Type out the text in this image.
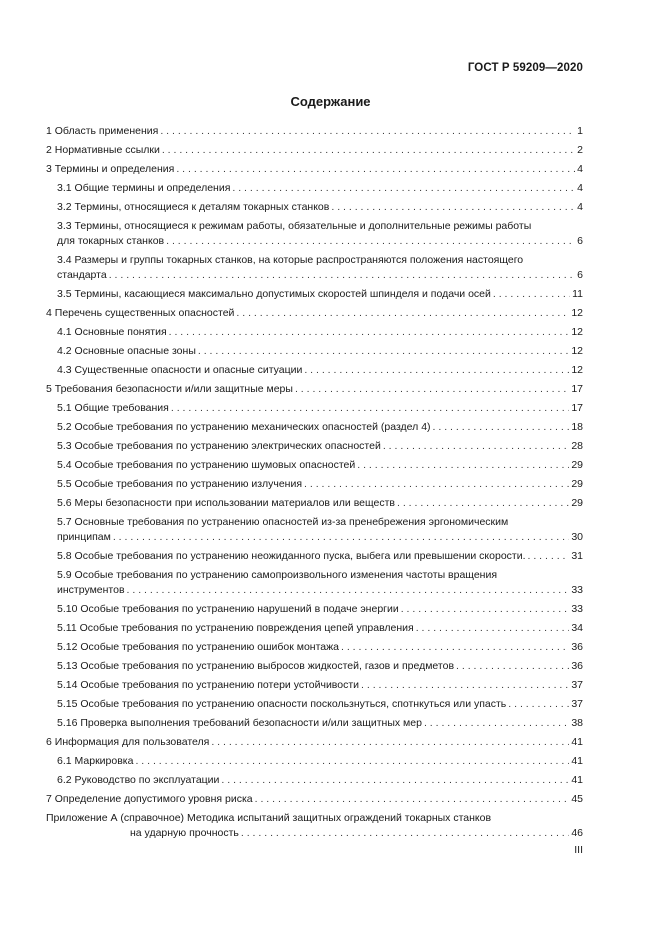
ГОСТ Р 59209—2020
Содержание
1 Область применения . . .	1
2 Нормативные ссылки . . .	2
3 Термины и определения . . .	4
3.1 Общие термины и определения . . .	4
3.2 Термины, относящиеся к деталям токарных станков . . .	4
3.3 Термины, относящиеся к режимам работы, обязательные и дополнительные режимы работы
для токарных станков . . .	6
3.4 Размеры и группы токарных станков, на которые распространяются положения настоящего
стандарта . . .	6
3.5 Термины, касающиеся максимально допустимых скоростей шпинделя и подачи осей . . .	11
4 Перечень существенных опасностей . . .	12
4.1 Основные понятия . . .	12
4.2 Основные опасные зоны . . .	12
4.3 Существенные опасности и опасные ситуации . . .	12
5 Требования безопасности и/или защитные меры . . .	17
5.1 Общие требования . . .	17
5.2 Особые требования по устранению механических опасностей (раздел 4) . . .	18
5.3 Особые требования по устранению электрических опасностей . . .	28
5.4 Особые требования по устранению шумовых опасностей . . .	29
5.5 Особые требования по устранению излучения . . .	29
5.6 Меры безопасности при использовании материалов или веществ . . .	29
5.7 Основные требования по устранению опасностей из-за пренебрежения эргономическим
принципам . . .	30
5.8 Особые требования по устранению неожиданного пуска, выбега или превышении скорости. . . .	31
5.9 Особые требования по устранению самопроизвольного изменения частоты вращения
инструментов . . .	33
5.10 Особые требования по устранению нарушений в подаче энергии . . .	33
5.11 Особые требования по устранению повреждения цепей управления . . .	34
5.12 Особые требования по устранению ошибок монтажа . . .	36
5.13 Особые требования по устранению выбросов жидкостей, газов и предметов . . .	36
5.14 Особые требования по устранению потери устойчивости . . .	37
5.15 Особые требования по устранению опасности поскользнуться, спотнкуться или упасть . . .	37
5.16 Проверка выполнения требований безопасности и/или защитных мер . . .	38
6 Информация для пользователя . . .	41
6.1 Маркировка . . .	41
6.2 Руководство по эксплуатации . . .	41
7 Определение допустимого уровня риска . . .	45
Приложение А (справочное) Методика испытаний защитных ограждений токарных станков
на ударную прочность . . .	46
III
